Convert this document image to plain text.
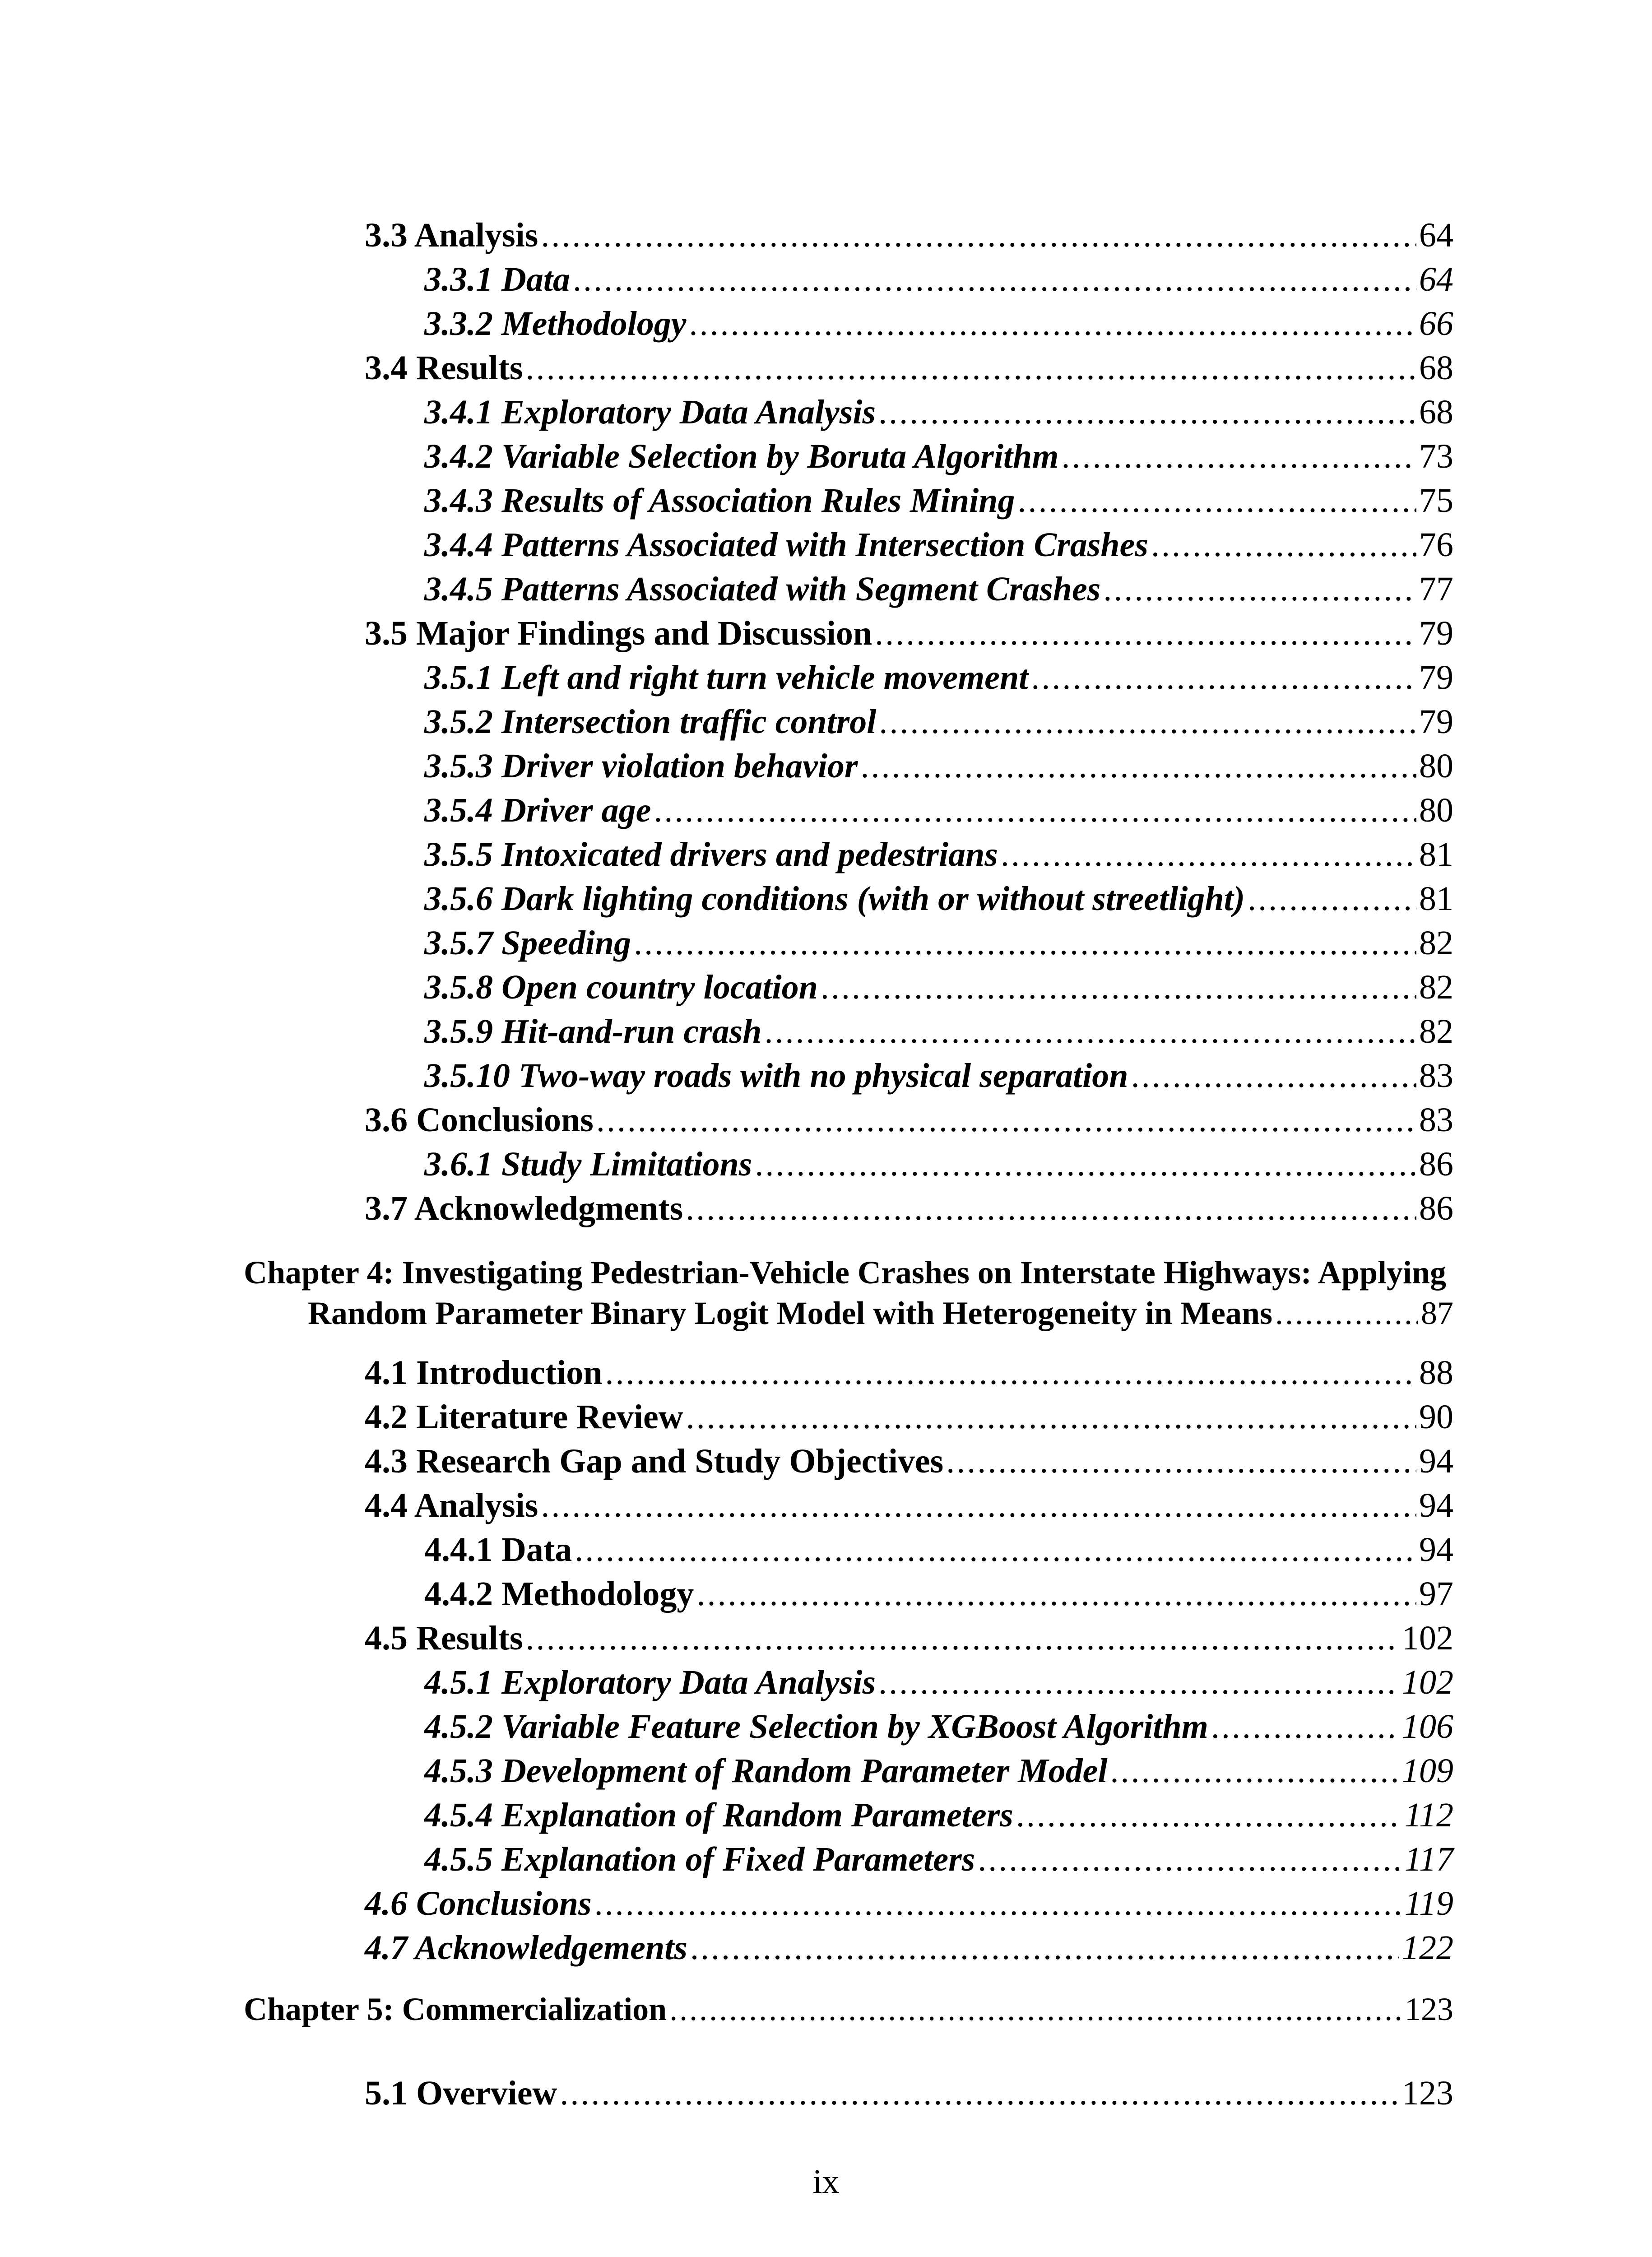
3.3 Analysis .....	64
3.3.1 Data .....	64
3.3.2 Methodology .....	66
3.4 Results .....	68
3.4.1 Exploratory Data Analysis .....	68
3.4.2 Variable Selection by Boruta Algorithm .....	73
3.4.3 Results of Association Rules Mining .....	75
3.4.4 Patterns Associated with Intersection Crashes .....	76
3.4.5 Patterns Associated with Segment Crashes .....	77
3.5 Major Findings and Discussion .....	79
3.5.1 Left and right turn vehicle movement .....	79
3.5.2 Intersection traffic control .....	79
3.5.3 Driver violation behavior .....	80
3.5.4 Driver age .....	80
3.5.5 Intoxicated drivers and pedestrians .....	81
3.5.6 Dark lighting conditions (with or without streetlight) .....	81
3.5.7 Speeding .....	82
3.5.8 Open country location .....	82
3.5.9 Hit-and-run crash .....	82
3.5.10 Two-way roads with no physical separation .....	83
3.6 Conclusions .....	83
3.6.1 Study Limitations .....	86
3.7 Acknowledgments .....	86
Chapter 4: Investigating Pedestrian-Vehicle Crashes on Interstate Highways: Applying
Random Parameter Binary Logit Model with Heterogeneity in Means .....	87
4.1 Introduction .....	88
4.2 Literature Review .....	90
4.3 Research Gap and Study Objectives .....	94
4.4 Analysis .....	94
4.4.1 Data .....	94
4.4.2 Methodology .....	97
4.5 Results .....	102
4.5.1 Exploratory Data Analysis .....	102
4.5.2 Variable Feature Selection by XGBoost Algorithm .....	106
4.5.3 Development of Random Parameter Model .....	109
4.5.4 Explanation of Random Parameters .....	112
4.5.5 Explanation of Fixed Parameters .....	117
4.6 Conclusions .....	119
4.7 Acknowledgements .....	122
Chapter 5: Commercialization .....	123
5.1 Overview .....	123
ix
